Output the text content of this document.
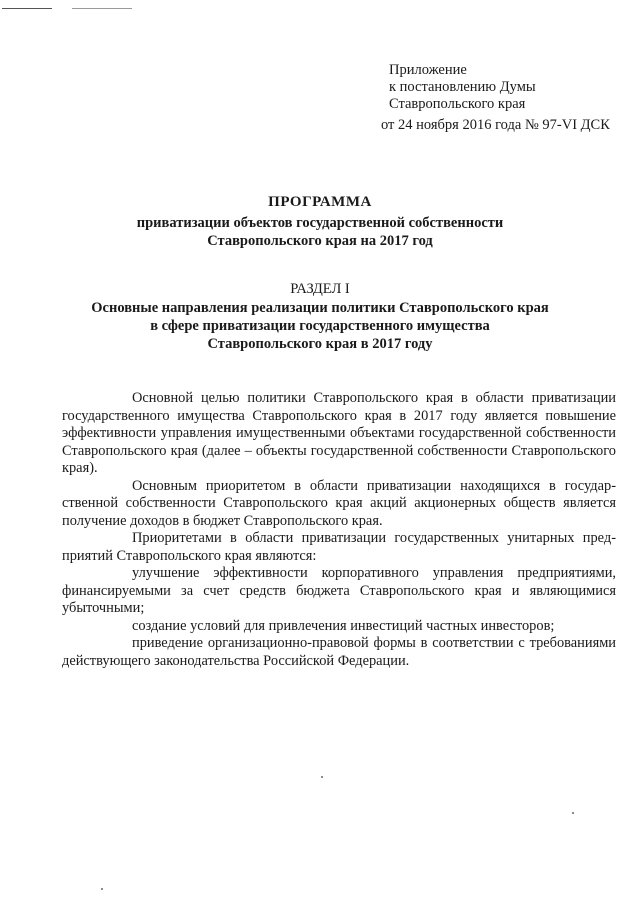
Приложение
к постановлению Думы
Ставропольского края
от 24 ноября 2016 года № 97-VI ДСК
ПРОГРАММА
приватизации объектов государственной собственности
Ставропольского края на 2017 год
РАЗДЕЛ I
Основные направления реализации политики Ставропольского края
в сфере приватизации государственного имущества
Ставропольского края в 2017 году

Основной целью политики Ставропольского края в области приватизации государственного имущества Ставропольского края в 2017 году является повышение эффективности управления имущественными объектами государственной собственности Ставропольского края (далее – объекты государственной собственности Ставропольского края).

Основным приоритетом в области приватизации находящихся в государственной собственности Ставропольского края акций акционерных обществ является получение доходов в бюджет Ставропольского края.

Приоритетами в области приватизации государственных унитарных предприятий Ставропольского края являются:

улучшение эффективности корпоративного управления предприятиями, финансируемыми за счет средств бюджета Ставропольского края и являющимися убыточными;

создание условий для привлечения инвестиций частных инвесторов;

приведение организационно-правовой формы в соответствии с требованиями действующего законодательства Российской Федерации.
